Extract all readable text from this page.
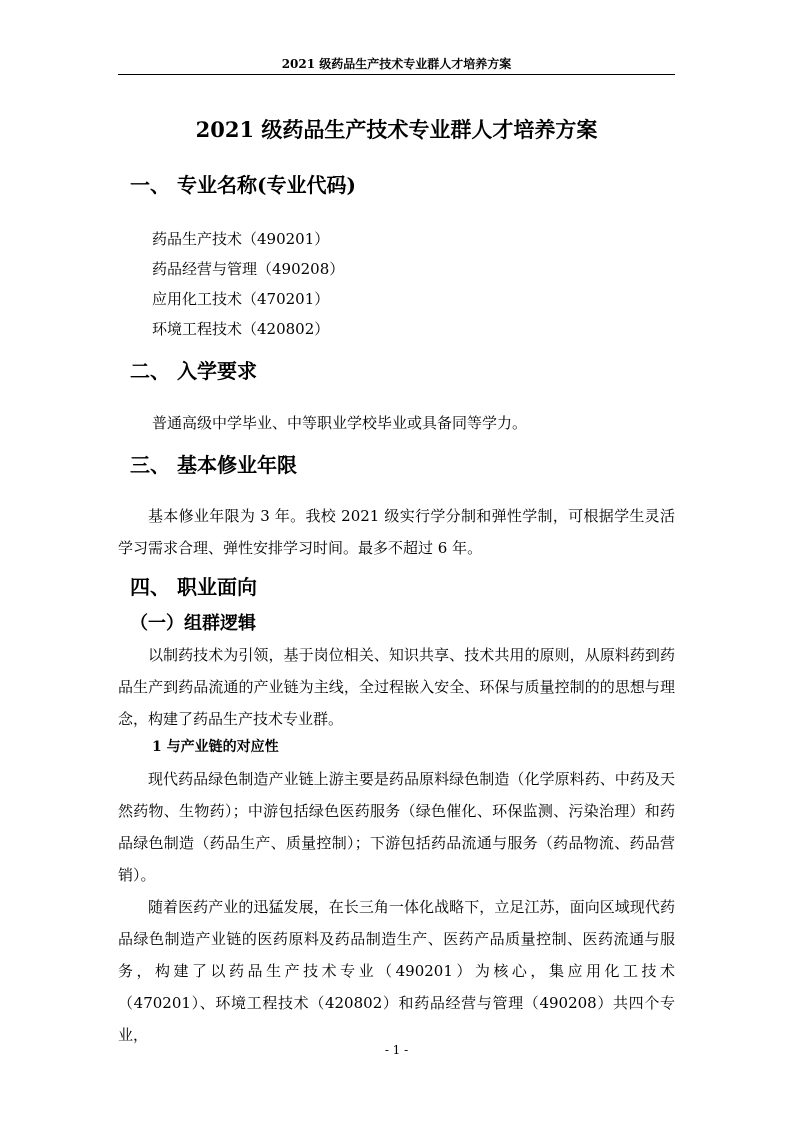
2021 级药品生产技术专业群人才培养方案
2021 级药品生产技术专业群人才培养方案
一、 专业名称(专业代码)
药品生产技术（490201）
药品经营与管理（490208）
应用化工技术（470201）
环境工程技术（420802）
二、 入学要求
普通高级中学毕业、中等职业学校毕业或具备同等学力。
三、 基本修业年限

基本修业年限为 3 年。我校 2021 级实行学分制和弹性学制，可根据学生灵活学习需求合理、弹性安排学习时间。最多不超过 6 年。

四、 职业面向
（一）组群逻辑

以制药技术为引领，基于岗位相关、知识共享、技术共用的原则，从原料药到药品生产到药品流通的产业链为主线，全过程嵌入安全、环保与质量控制的的思想与理念，构建了药品生产技术专业群。

1 与产业链的对应性

现代药品绿色制造产业链上游主要是药品原料绿色制造（化学原料药、中药及天然药物、生物药）；中游包括绿色医药服务（绿色催化、环保监测、污染治理）和药品绿色制造（药品生产、质量控制）；下游包括药品流通与服务（药品物流、药品营销）。

随着医药产业的迅猛发展，在长三角一体化战略下，立足江苏，面向区域现代药品绿色制造产业链的医药原料及药品制造生产、医药产品质量控制、医药流通与服务，构建了以药品生产技术专业（490201）为核心，集应用化工技术（470201）、环境工程技术（420802）和药品经营与管理（490208）共四个专业，

- 1 -
